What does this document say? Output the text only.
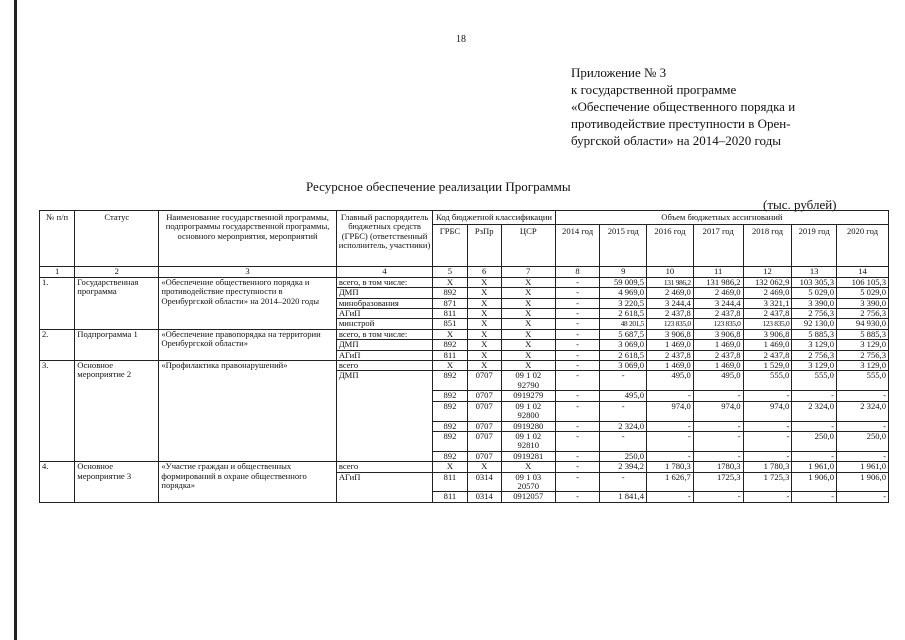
18
Приложение № 3
к государственной программе
«Обеспечение общественного порядка и
противодействие преступности в Орен-
бургской области» на 2014–2020 годы
Ресурсное обеспечение реализации Программы
(тыс. рублей)
№ п/п	Статус	Наименование государственной программы, подпрограммы государственной программы, основного мероприятия, мероприятий	Главный распорядитель бюджетных средств (ГРБС) (ответственный исполнитель, участники)	Код бюджетной классификации			Объем бюджетных ассигнований						
				ГРБС	РзПр	ЦСР	2014 год	2015 год	2016 год	2017 год	2018 год	2019 год	2020 год
1	2	3	4	5	6	7	8	9	10	11	12	13	14
1.	Государственная программа	«Обеспечение общественного порядка и противодействие преступности в Оренбургской области» на 2014–2020 годы	всего, в том числе:	Х	Х	Х	-	59 009,5	131 986,2	131 986,2	132 062,9	103 305,3	106 105,3
			ДМП	892	Х	Х	-	4 969,0	2 469,0	2 469,0	2 469,0	5 029,0	5 029,0
			минобразования	871	Х	Х	-	3 220,5	3 244,4	3 244,4	3 321,1	3 390,0	3 390,0
			АГиП	811	Х	Х	-	2 618,5	2 437,8	2 437,8	2 437,8	2 756,3	2 756,3
			минстрой	851	Х	Х	-	48 201,5	123 835,0	123 835,0	123 835,0	92 130,0	94 930,0
2.	Подпрограмма 1	«Обеспечение правопорядка на территории Оренбургской области»	всего, в том числе:	Х	Х	Х	-	5 687,5	3 906,8	3 906,8	3 906,8	5 885,3	5 885,3
			ДМП	892	Х	Х	-	3 069,0	1 469,0	1 469,0	1 469,0	3 129,0	3 129,0
			АГиП	811	Х	Х	-	2 618,5	2 437,8	2 437,8	2 437,8	2 756,3	2 756,3
3.	Основное мероприятие 2	«Профилактика правонарушений»	всего	Х	Х	Х	-	3 069,0	1 469,0	1 469,0	1 529,0	3 129,0	3 129,0
			ДМП	892	0707	09 1 02 92790	-	-	495,0	495,0	555,0	555,0	555,0
				892	0707	0919279	-	495,0	-	-	-	-	-
				892	0707	09 1 02 92800	-	-	974,0	974,0	974,0	2 324,0	2 324,0
				892	0707	0919280	-	2 324,0	-	-	-	-	-
				892	0707	09 1 02 92810	-	-	-	-	-	250,0	250,0
				892	0707	0919281	-	250,0	-	-	-	-	-
4.	Основное мероприятие 3	«Участие граждан и общественных формирований в охране общественного порядка»	всего	Х	Х	Х	-	2 394,2	1 780,3	1780,3	1 780,3	1 961,0	1 961,0
			АГиП	811	0314	09 1 03 20570	-	-	1 626,7	1725,3	1 725,3	1 906,0	1 906,0
				811	0314	0912057	-	1 841,4	-	-	-	-	-
